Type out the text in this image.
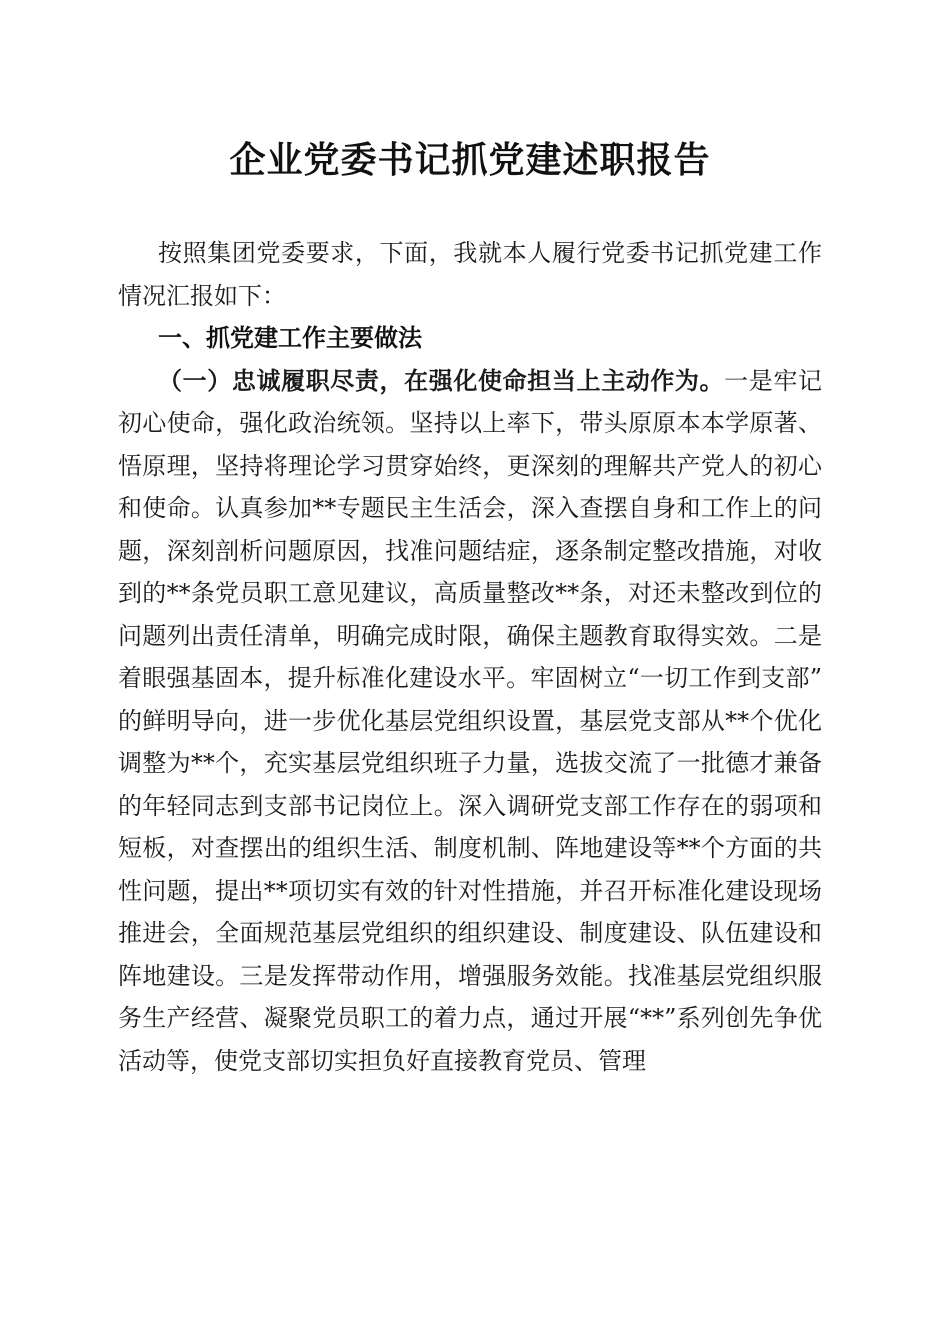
企业党委书记抓党建述职报告

按照集团党委要求，下面，我就本人履行党委书记抓党建工作情况汇报如下：

一、抓党建工作主要做法

（一）忠诚履职尽责，在强化使命担当上主动作为。一是牢记初心使命，强化政治统领。坚持以上率下，带头原原本本学原著、悟原理，坚持将理论学习贯穿始终，更深刻的理解共产党人的初心和使命。认真参加**专题民主生活会，深入查摆自身和工作上的问题，深刻剖析问题原因，找准问题结症，逐条制定整改措施，对收到的**条党员职工意见建议，高质量整改**条，对还未整改到位的问题列出责任清单，明确完成时限，确保主题教育取得实效。二是着眼强基固本，提升标准化建设水平。牢固树立“一切工作到支部”的鲜明导向，进一步优化基层党组织设置，基层党支部从**个优化调整为**个，充实基层党组织班子力量，选拔交流了一批德才兼备的年轻同志到支部书记岗位上。深入调研党支部工作存在的弱项和短板，对查摆出的组织生活、制度机制、阵地建设等**个方面的共性问题，提出**项切实有效的针对性措施，并召开标准化建设现场推进会，全面规范基层党组织的组织建设、制度建设、队伍建设和阵地建设。三是发挥带动作用，增强服务效能。找准基层党组织服务生产经营、凝聚党员职工的着力点，通过开展“**”系列创先争优活动等，使党支部切实担负好直接教育党员、管理
